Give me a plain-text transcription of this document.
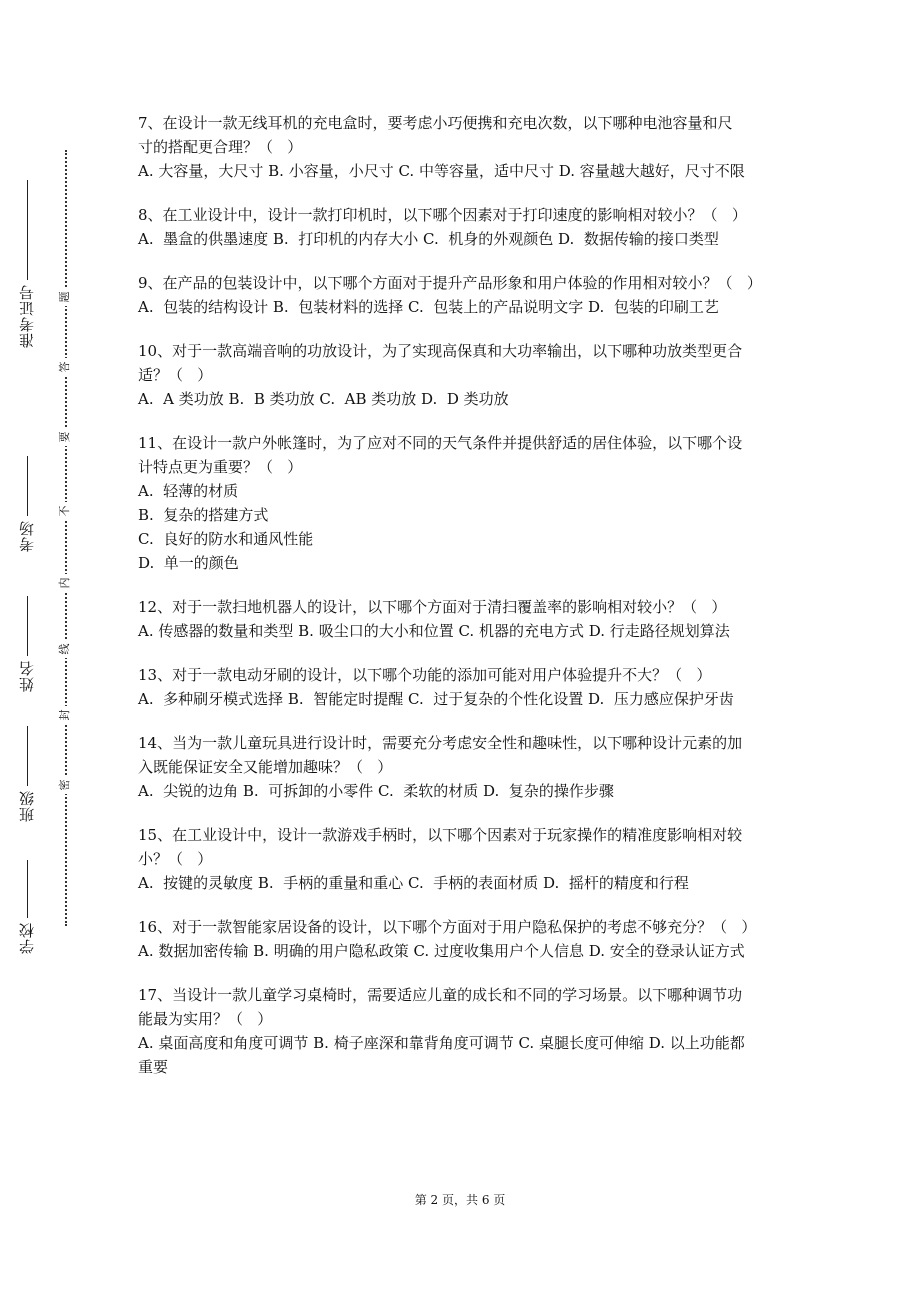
准考证号
考场
姓名
班级
学校
题
答
要
不
内
线
封
密

7、在设计一款无线耳机的充电盒时，要考虑小巧便携和充电次数，以下哪种电池容量和尺

寸的搭配更合理？（   ）

A. 大容量，大尺寸 B. 小容量，小尺寸 C. 中等容量，适中尺寸 D. 容量越大越好，尺寸不限

8、在工业设计中，设计一款打印机时，以下哪个因素对于打印速度的影响相对较小？（   ）

A.  墨盒的供墨速度 B.  打印机的内存大小 C.  机身的外观颜色 D.  数据传输的接口类型

9、在产品的包装设计中，以下哪个方面对于提升产品形象和用户体验的作用相对较小？（   ）

A.  包装的结构设计 B.  包装材料的选择 C.  包装上的产品说明文字 D.  包装的印刷工艺

10、对于一款高端音响的功放设计，为了实现高保真和大功率输出，以下哪种功放类型更合

适？（   ）

A.  A 类功放 B.  B 类功放 C.  AB 类功放 D.  D 类功放

11、在设计一款户外帐篷时，为了应对不同的天气条件并提供舒适的居住体验，以下哪个设

计特点更为重要？（   ）

A.  轻薄的材质

B.  复杂的搭建方式

C.  良好的防水和通风性能

D.  单一的颜色

12、对于一款扫地机器人的设计，以下哪个方面对于清扫覆盖率的影响相对较小？（   ）

A. 传感器的数量和类型 B. 吸尘口的大小和位置 C. 机器的充电方式 D. 行走路径规划算法

13、对于一款电动牙刷的设计，以下哪个功能的添加可能对用户体验提升不大？（   ）

A.  多种刷牙模式选择 B.  智能定时提醒 C.  过于复杂的个性化设置 D.  压力感应保护牙齿

14、当为一款儿童玩具进行设计时，需要充分考虑安全性和趣味性，以下哪种设计元素的加

入既能保证安全又能增加趣味？（   ）

A.  尖锐的边角 B.  可拆卸的小零件 C.  柔软的材质 D.  复杂的操作步骤

15、在工业设计中，设计一款游戏手柄时，以下哪个因素对于玩家操作的精准度影响相对较

小？（   ）

A.  按键的灵敏度 B.  手柄的重量和重心 C.  手柄的表面材质 D.  摇杆的精度和行程

16、对于一款智能家居设备的设计，以下哪个方面对于用户隐私保护的考虑不够充分？（   ）

A. 数据加密传输 B. 明确的用户隐私政策 C. 过度收集用户个人信息 D. 安全的登录认证方式

17、当设计一款儿童学习桌椅时，需要适应儿童的成长和不同的学习场景。以下哪种调节功

能最为实用？（   ）

A. 桌面高度和角度可调节 B. 椅子座深和靠背角度可调节 C. 桌腿长度可伸缩 D. 以上功能都

重要

第 2 页，共 6 页
